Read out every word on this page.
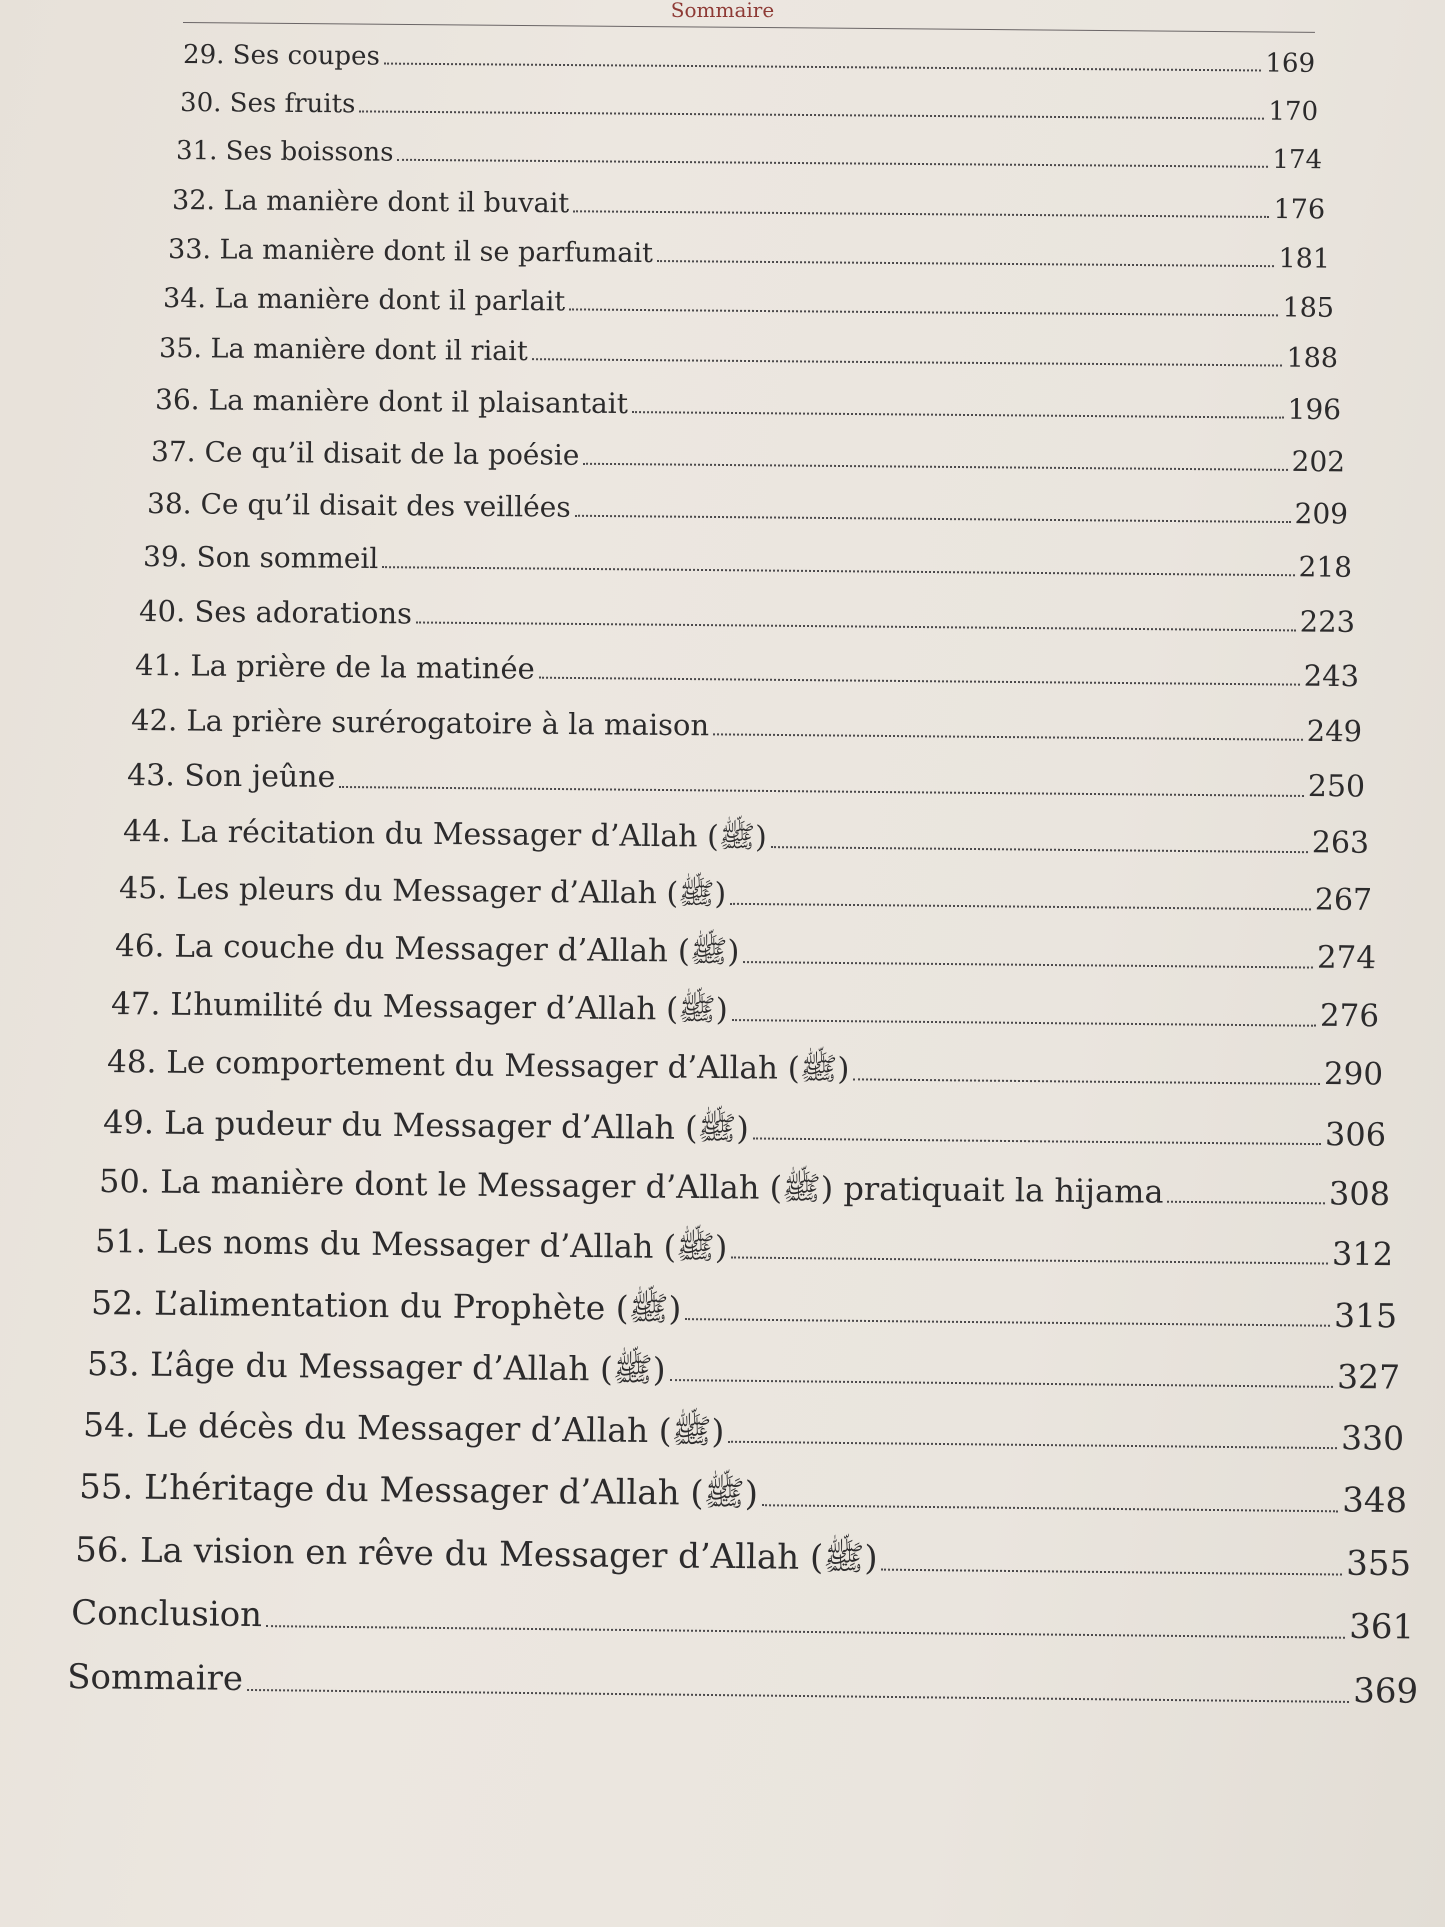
Sommaire
29. Ses coupes	169
30. Ses fruits	170
31. Ses boissons	174
32. La manière dont il buvait	176
33. La manière dont il se parfumait	181
34. La manière dont il parlait	185
35. La manière dont il riait	188
36. La manière dont il plaisantait	196
37. Ce qu’il disait de la poésie	202
38. Ce qu’il disait des veillées	209
39. Son sommeil	218
40. Ses adorations	223
41. La prière de la matinée	243
42. La prière surérogatoire à la maison	249
43. Son jeûne	250
44. La récitation du Messager d’Allah (ﷺ)	263
45. Les pleurs du Messager d’Allah (ﷺ)	267
46. La couche du Messager d’Allah (ﷺ)	274
47. L’humilité du Messager d’Allah (ﷺ)	276
48. Le comportement du Messager d’Allah (ﷺ)	290
49. La pudeur du Messager d’Allah (ﷺ)	306
50. La manière dont le Messager d’Allah (ﷺ) pratiquait la hijama	308
51. Les noms du Messager d’Allah (ﷺ)	312
52. L’alimentation du Prophète (ﷺ)	315
53. L’âge du Messager d’Allah (ﷺ)	327
54. Le décès du Messager d’Allah (ﷺ)	330
55. L’héritage du Messager d’Allah (ﷺ)	348
56. La vision en rêve du Messager d’Allah (ﷺ)	355
Conclusion	361
Sommaire	369
